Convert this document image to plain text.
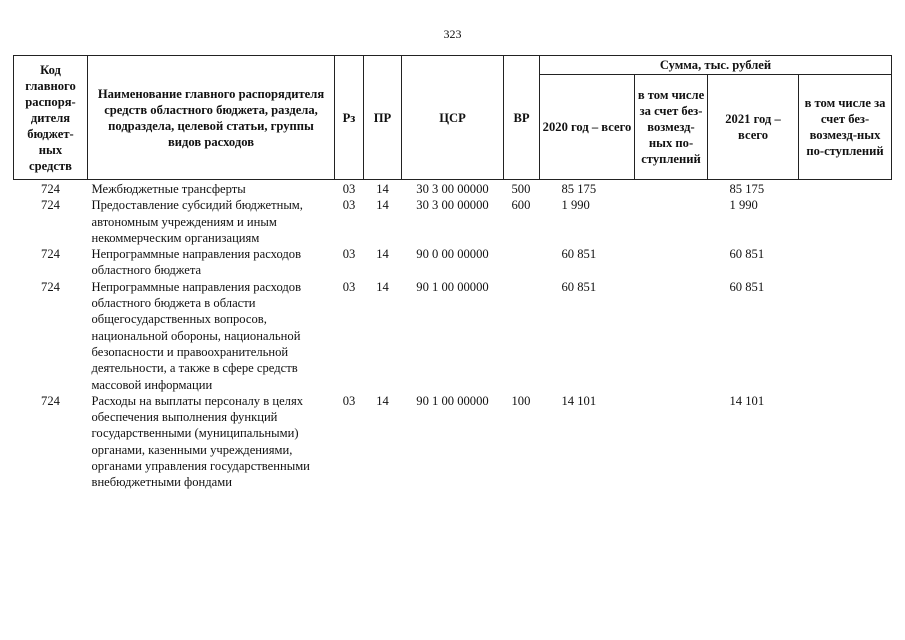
323
Код главного распоря-дителя бюджет-ных средств	Наименование главного распорядителя средств областного бюджета, раздела, подраздела, целевой статьи, группы видов расходов	Рз	ПР	ЦСР	ВР	Сумма, тыс. рублей			
						2020 год – всего	в том числе за счет без-возмезд-ных по-ступлений	2021 год – всего	в том числе за счет без-возмезд-ных по-ступлений
724	Межбюджетные трансферты	03	14	30 3 00 00000	500	85 175		85 175	
724	Предоставление субсидий бюджетным, автономным учреждениям и иным некоммерческим организациям	03	14	30 3 00 00000	600	1 990		1 990	
724	Непрограммные направления расходов областного бюджета	03	14	90 0 00 00000		60 851		60 851	
724	Непрограммные направления расходов областного бюджета в области общегосударственных вопросов, национальной обороны, национальной безопасности и правоохранительной деятельности, а также в сфере средств массовой информации	03	14	90 1 00 00000		60 851		60 851	
724	Расходы на выплаты персоналу в целях обеспечения выполнения функций государственными (муниципальными) органами, казенными учреждениями, органами управления государственными внебюджетными фондами	03	14	90 1 00 00000	100	14 101		14 101	
